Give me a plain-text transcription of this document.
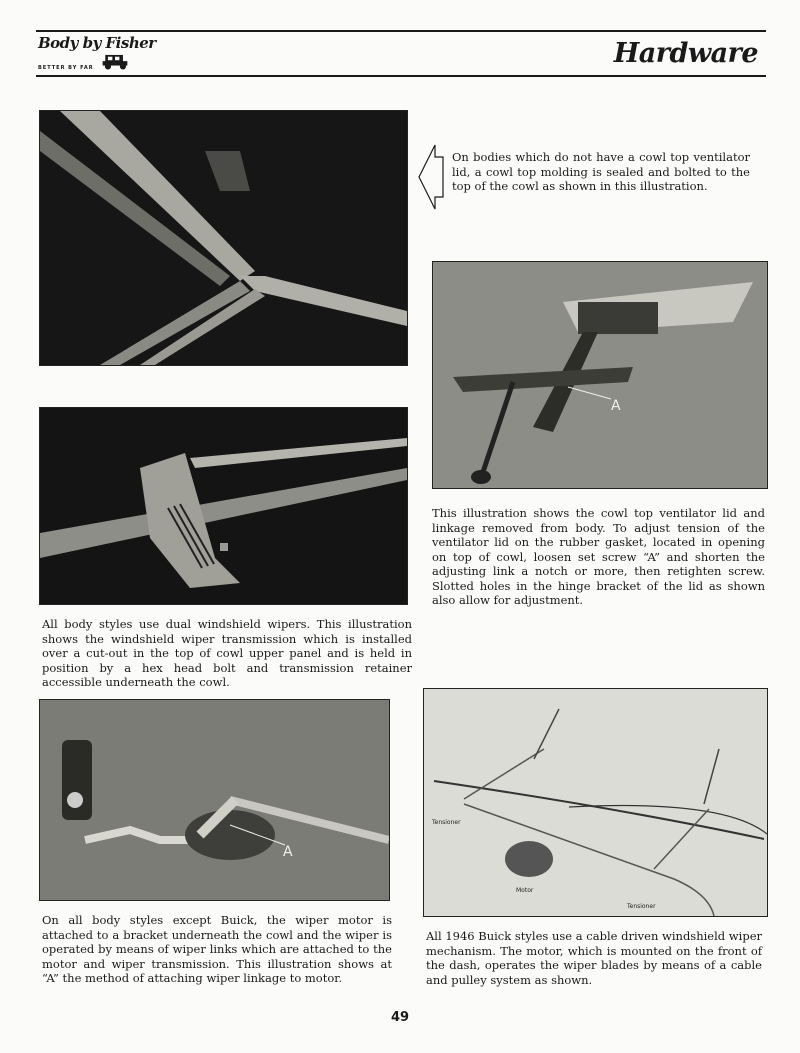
Body by Fisher
BETTER BY FAR	Hardware
On bodies which do not have a cowl top ventilator lid, a cowl top molding is sealed and bolted to the top of the cowl as shown in this illustration.
A
This illustration shows the cowl top ventilator lid and linkage removed from body. To adjust tension of the ventilator lid on the rubber gasket, located in opening on top of cowl, loosen set screw “A” and shorten the adjusting link a notch or more, then retighten screw. Slotted holes in the hinge bracket of the lid as shown also allow for adjustment.
All body styles use dual windshield wipers. This illustration shows the windshield wiper transmission which is installed over a cut-out in the top of cowl upper panel and is held in position by a hex head bolt and transmission retainer accessible underneath the cowl.
A
On all body styles except Buick, the wiper motor is attached to a bracket underneath the cowl and the wiper is operated by means of wiper links which are attached to the motor and wiper transmission. This illustration shows at “A” the method of attaching wiper linkage to motor.
Tensioner
Motor
Tensioner
All 1946 Buick styles use a cable driven windshield wiper mechanism. The motor, which is mounted on the front of the dash, operates the wiper blades by means of a cable and pulley system as shown.
49
